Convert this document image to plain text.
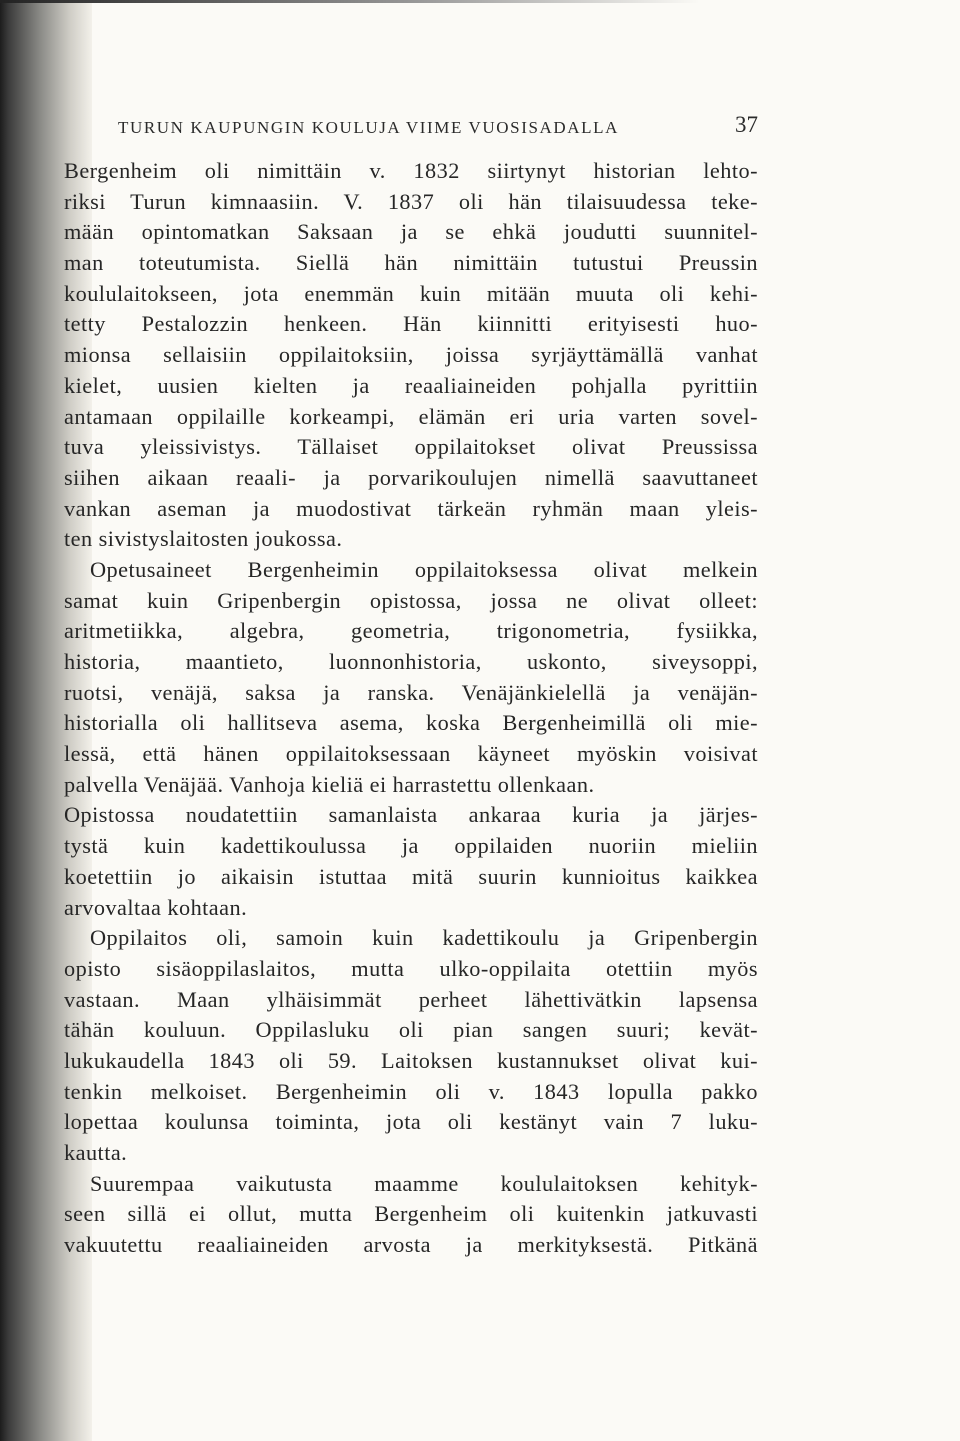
TURUN KAUPUNGIN KOULUJA VIIME VUOSISADALLA	37
Bergenheim oli nimittäin v. 1832 siirtynyt historian lehto-
riksi Turun kimnaasiin. V. 1837 oli hän tilaisuudessa teke-
mään opintomatkan Saksaan ja se ehkä joudutti suunnitel-
man toteutumista. Siellä hän nimittäin tutustui Preussin
koululaitokseen, jota enemmän kuin mitään muuta oli kehi-
tetty Pestalozzin henkeen. Hän kiinnitti erityisesti huo-
mionsa sellaisiin oppilaitoksiin, joissa syrjäyttämällä vanhat
kielet, uusien kielten ja reaaliaineiden pohjalla pyrittiin
antamaan oppilaille korkeampi, elämän eri uria varten sovel-
tuva yleissivistys. Tällaiset oppilaitokset olivat Preussissa
siihen aikaan reaali- ja porvarikoulujen nimellä saavuttaneet
vankan aseman ja muodostivat tärkeän ryhmän maan yleis-
ten sivistyslaitosten joukossa.
Opetusaineet Bergenheimin oppilaitoksessa olivat melkein
samat kuin Gripenbergin opistossa, jossa ne olivat olleet:
aritmetiikka, algebra, geometria, trigonometria, fysiikka,
historia, maantieto, luonnonhistoria, uskonto, siveysoppi,
ruotsi, venäjä, saksa ja ranska. Venäjänkielellä ja venäjän-
historialla oli hallitseva asema, koska Bergenheimillä oli mie-
lessä, että hänen oppilaitoksessaan käyneet myöskin voisivat
palvella Venäjää. Vanhoja kieliä ei harrastettu ollenkaan.
Opistossa noudatettiin samanlaista ankaraa kuria ja järjes-
tystä kuin kadettikoulussa ja oppilaiden nuoriin mieliin
koetettiin jo aikaisin istuttaa mitä suurin kunnioitus kaikkea
arvovaltaa kohtaan.
Oppilaitos oli, samoin kuin kadettikoulu ja Gripenbergin
opisto sisäoppilaslaitos, mutta ulko-oppilaita otettiin myös
vastaan. Maan ylhäisimmät perheet lähettivätkin lapsensa
tähän kouluun. Oppilasluku oli pian sangen suuri; kevät-
lukukaudella 1843 oli 59. Laitoksen kustannukset olivat kui-
tenkin melkoiset. Bergenheimin oli v. 1843 lopulla pakko
lopettaa koulunsa toiminta, jota oli kestänyt vain 7 luku-
kautta.
Suurempaa vaikutusta maamme koululaitoksen kehityk-
seen sillä ei ollut, mutta Bergenheim oli kuitenkin jatkuvasti
vakuutettu reaaliaineiden arvosta ja merkityksestä. Pitkänä
